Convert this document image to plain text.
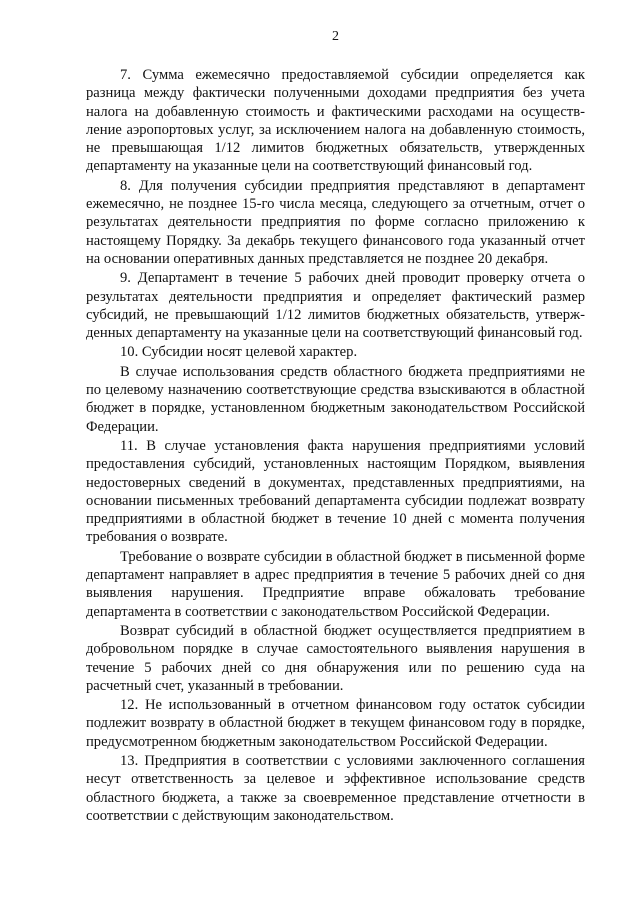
2

7. Сумма ежемесячно предоставляемой субсидии определяется как разница между фактически полученными доходами предприятия без учета налога на добавленную стоимость и фактическими расходами на осуществление аэропортовых услуг, за исключением налога на добавленную стоимость, не превышающая 1/12 лимитов бюджетных обязательств, утвержденных департаменту на указанные цели на соответствующий финансовый год.

8. Для получения субсидии предприятия представляют в департамент ежемесячно, не позднее 15-го числа месяца, следующего за отчетным, отчет о результатах деятельности предприятия по форме согласно приложению к настоящему Порядку. За декабрь текущего финансового года указанный отчет на основании оперативных данных представляется не позднее 20 декабря.

9. Департамент в течение 5 рабочих дней проводит проверку отчета о результатах деятельности предприятия и определяет фактический размер субсидий, не превышающий 1/12 лимитов бюджетных обязательств, утвержденных департаменту на указанные цели на соответствующий финансовый год.

10. Субсидии носят целевой характер.

В случае использования средств областного бюджета предприятиями не по целевому назначению соответствующие средства взыскиваются в областной бюджет в порядке, установленном бюджетным законодательством Российской Федерации.

11. В случае установления факта нарушения предприятиями условий предоставления субсидий, установленных настоящим Порядком, выявления недостоверных сведений в документах, представленных предприятиями, на основании письменных требований департамента субсидии подлежат возврату предприятиями в областной бюджет в течение 10 дней с момента получения требования о возврате.

Требование о возврате субсидии в областной бюджет в письменной форме департамент направляет в адрес предприятия в течение 5 рабочих дней со дня выявления нарушения. Предприятие вправе обжаловать требование департамента в соответствии с законодательством Российской Федерации.

Возврат субсидий в областной бюджет осуществляется предприятием в добровольном порядке в случае самостоятельного выявления нарушения в течение 5 рабочих дней со дня обнаружения или по решению суда на расчетный счет, указанный в требовании.

12. Не использованный в отчетном финансовом году остаток субсидии подлежит возврату в областной бюджет в текущем финансовом году в порядке, предусмотренном бюджетным законодательством Российской Федерации.

13. Предприятия в соответствии с условиями заключенного соглашения несут ответственность за целевое и эффективное использование средств областного бюджета, а также за своевременное представление отчетности в соответствии с действующим законодательством.
